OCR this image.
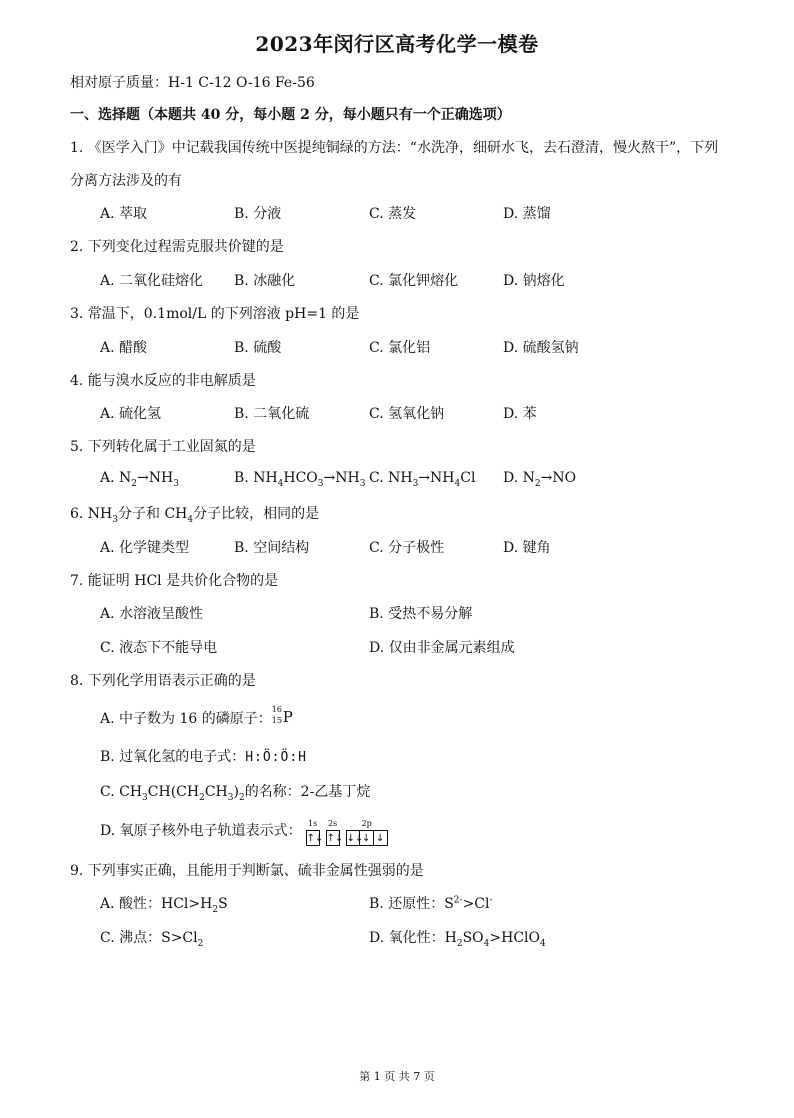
2023年闵行区高考化学一模卷
相对原子质量：H-1 C-12 O-16 Fe-56
一、选择题（本题共 40 分，每小题 2 分，每小题只有一个正确选项）
1. 《医学入门》中记载我国传统中医提纯铜绿的方法：“水洗净，细研水飞，去石澄清，慢火熬干”，下列
分离方法涉及的有
A. 萃取	B. 分液	C. 蒸发	D. 蒸馏
2. 下列变化过程需克服共价键的是
A. 二氧化硅熔化 B. 冰融化	C. 氯化钾熔化	D. 钠熔化
3. 常温下，0.1mol/L 的下列溶液 pH=1 的是
A. 醋酸	B. 硫酸	C. 氯化铝	D. 硫酸氢钠
4. 能与溴水反应的非电解质是
A. 硫化氢	B. 二氧化硫	C. 氢氧化钠	D. 苯
5. 下列转化属于工业固氮的是
A. $N_2\to NH_3$	B. $NH_4HCO_3\to NH_3$ C. $NH_3\to NH_4Cl$ D. $N_2\to NO$
6. $NH_3$分子和 $CH_4$分子比较，相同的是
A. 化学键类型	B. 空间结构	C. 分子极性	D. 键角
7. 能证明 HCl 是共价化合物的是
A. 水溶液呈酸性	B. 受热不易分解
C. 液态下不能导电	D. 仅由非金属元素组成
8. 下列化学用语表示正确的是
A. 中子数为 16 的磷原子：
16
15 P
B. 过氧化氢的电子式：H:Ö:Ö:H
C. $CH_3CH(CH_2CH_3)_2$的名称：2-乙基丁烷
D. 氧原子核外电子轨道表示式： 1s
↑↓
2s
↑↓
2p
↓↓
↓ ↓
9. 下列事实正确，且能用于判断氯、硫非金属性强弱的是
A. 酸性：$HCl>H_2S$	B. 还原性：$S^{2-}>Cl^-$
C. 沸点：$S>Cl_2$	D. 氧化性：$H_2SO_4>HClO_4$
第 1 页 共 7 页
